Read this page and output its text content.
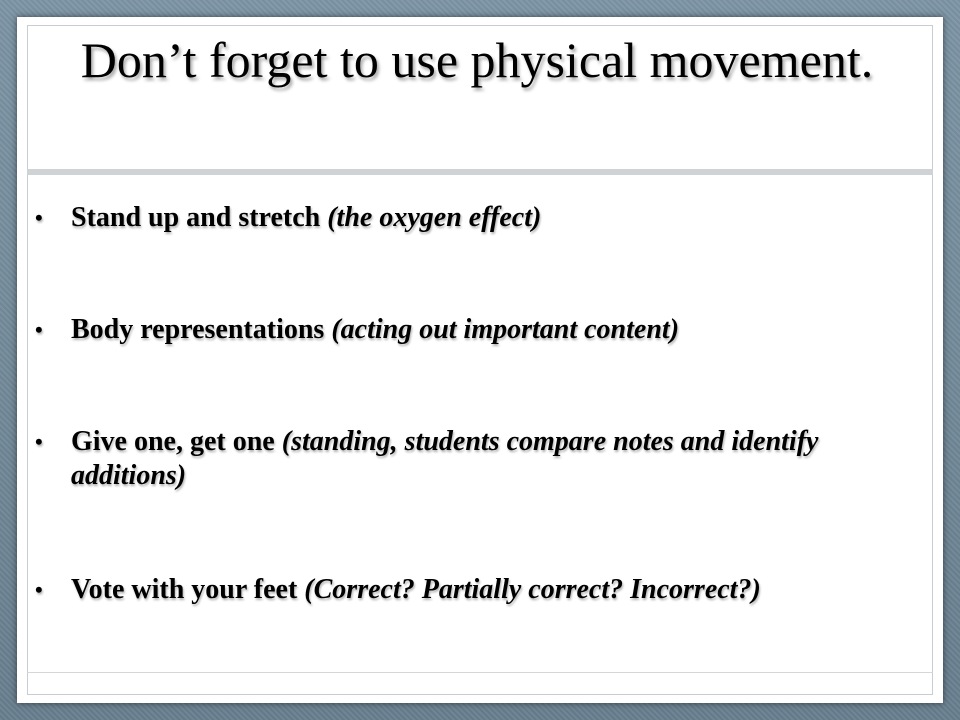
Don’t forget to use physical movement.
• Stand up and stretch (the oxygen effect)
• Body representations (acting out important content)
• Give one, get one (standing, students compare notes and identify additions)
• Vote with your feet (Correct? Partially correct? Incorrect?)
